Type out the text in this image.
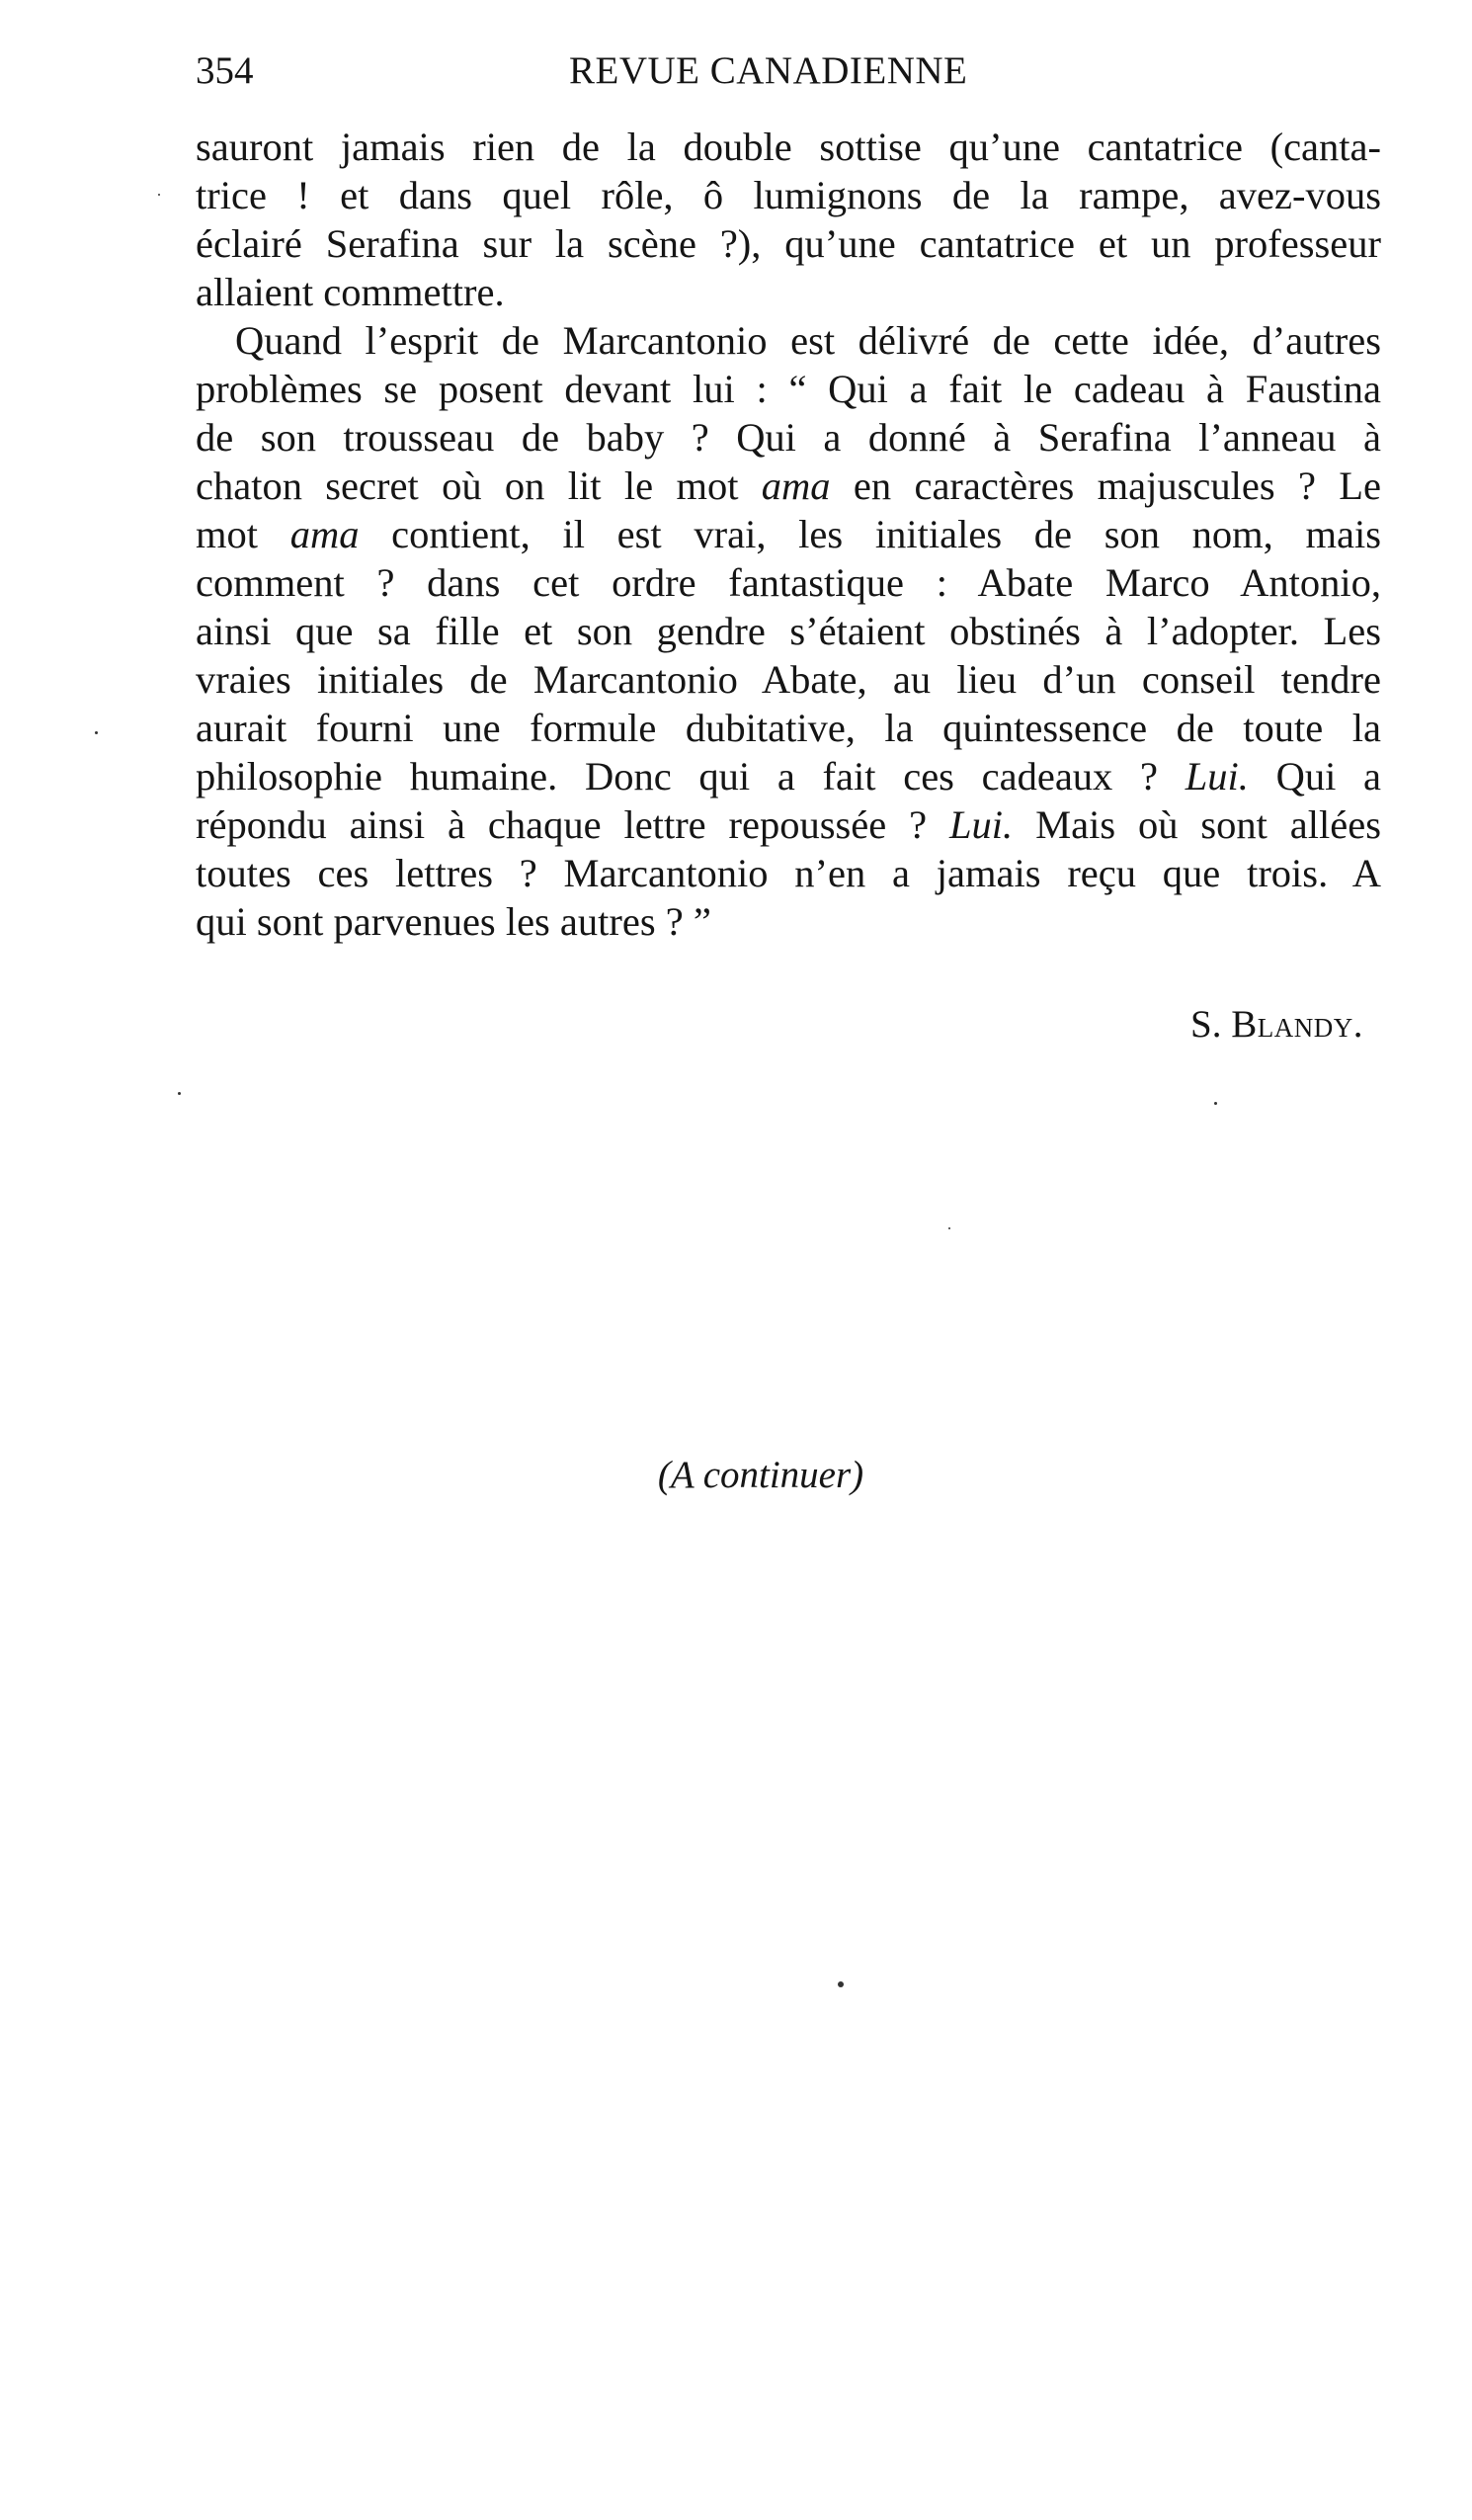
354	REVUE CANADIENNE
sauront jamais rien de la double sottise qu’une cantatrice (canta-
trice ! et dans quel rôle, ô lumignons de la rampe, avez-vous
éclairé Serafina sur la scène ?), qu’une cantatrice et un professeur
allaient commettre.
Quand l’esprit de Marcantonio est délivré de cette idée, d’autres
problèmes se posent devant lui : “ Qui a fait le cadeau à Faustina
de son trousseau de baby ? Qui a donné à Serafina l’anneau à
chaton secret où on lit le mot ama en caractères majuscules ? Le
mot ama contient, il est vrai, les initiales de son nom, mais
comment ? dans cet ordre fantastique : Abate Marco Antonio,
ainsi que sa fille et son gendre s’étaient obstinés à l’adopter. Les
vraies initiales de Marcantonio Abate, au lieu d’un conseil tendre
aurait fourni une formule dubitative, la quintessence de toute la
philosophie humaine. Donc qui a fait ces cadeaux ? Lui. Qui a
répondu ainsi à chaque lettre repoussée ? Lui. Mais où sont allées
toutes ces lettres ? Marcantonio n’en a jamais reçu que trois. A
qui sont parvenues les autres ? ”
S. Blandy.
(A continuer)
